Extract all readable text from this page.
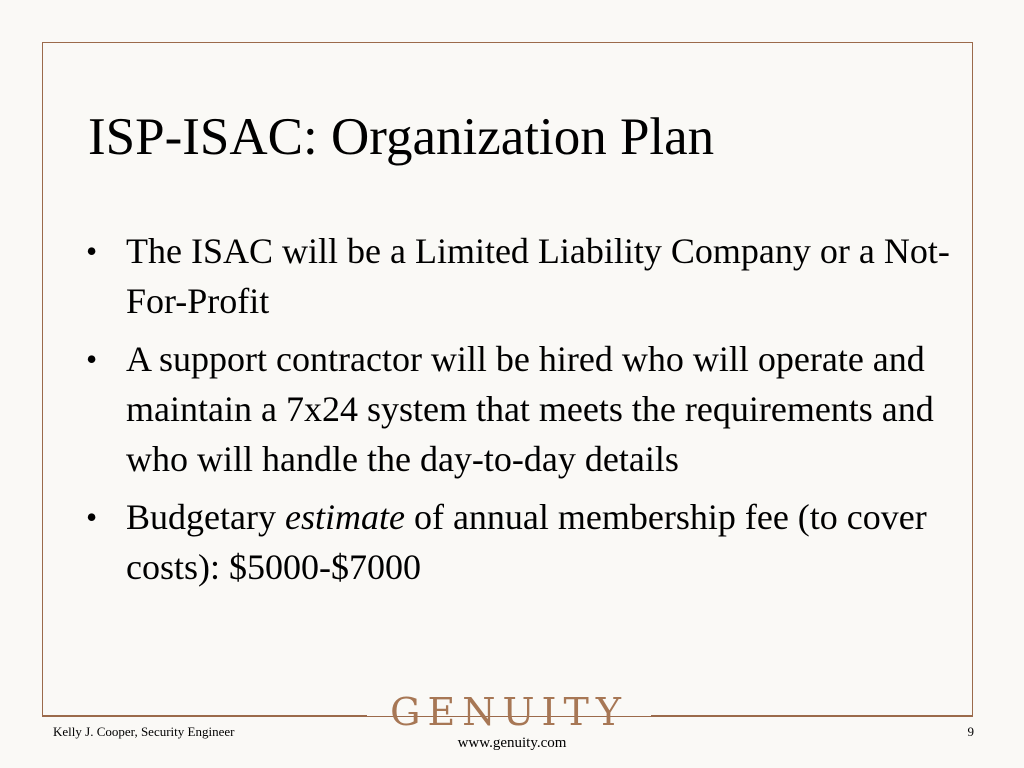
ISP-ISAC: Organization Plan
• The ISAC will be a Limited Liability Company or a Not-For-Profit
• A support contractor will be hired who will operate and maintain a 7x24 system that meets the requirements and who will handle the day-to-day details
• Budgetary estimate of annual membership fee (to cover costs): $5000-$7000
GENUITY
Kelly J. Cooper, Security Engineer
www.genuity.com
9
